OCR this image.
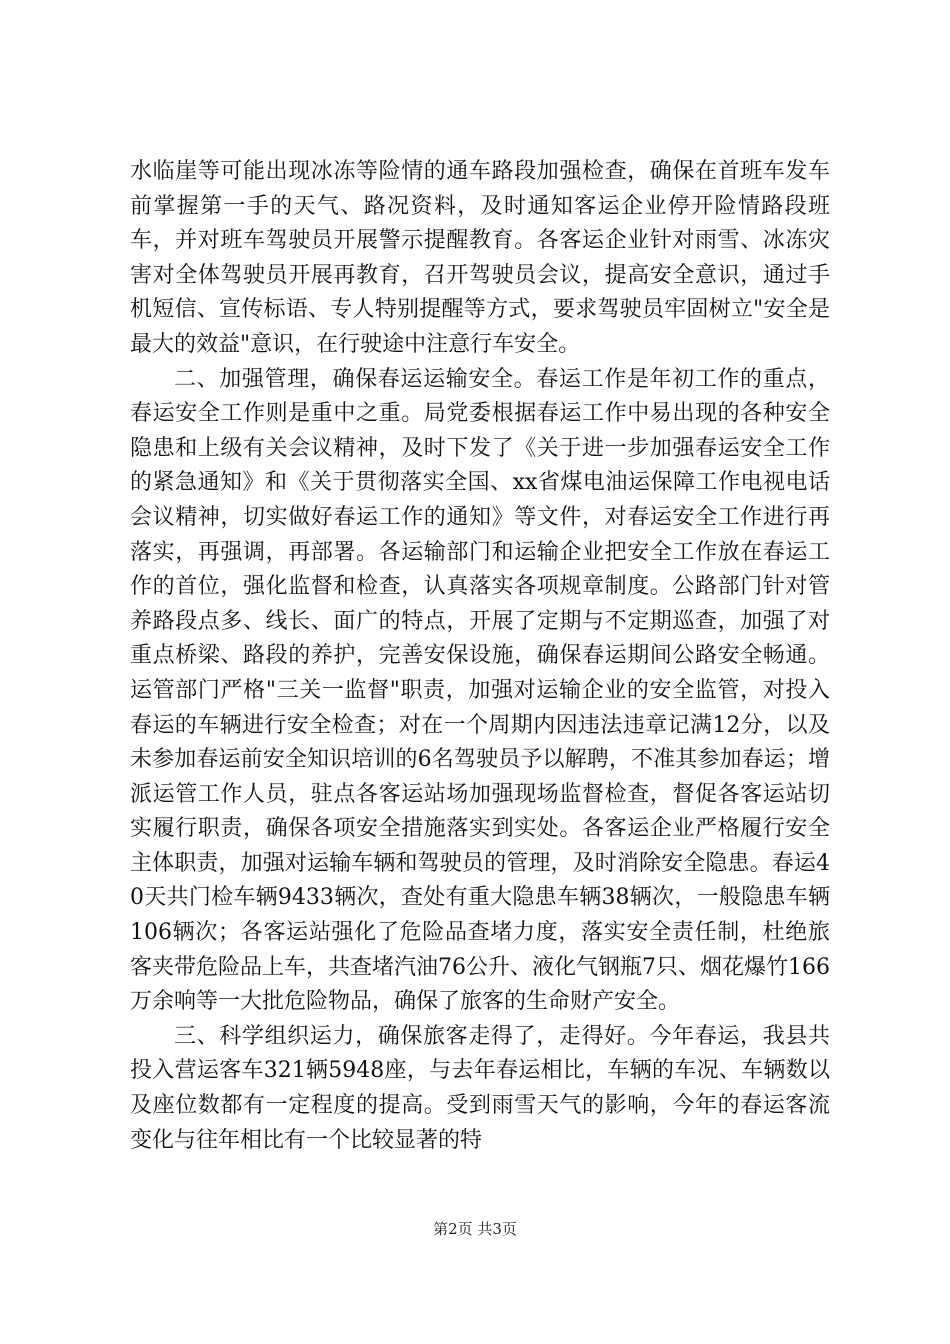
水临崖等可能出现冰冻等险情的通车路段加强检查，确保在首班车发车前掌握第一手的天气、路况资料，及时通知客运企业停开险情路段班车，并对班车驾驶员开展警示提醒教育。各客运企业针对雨雪、冰冻灾害对全体驾驶员开展再教育，召开驾驶员会议，提高安全意识，通过手机短信、宣传标语、专人特别提醒等方式，要求驾驶员牢固树立"安全是最大的效益"意识，在行驶途中注意行车安全。

二、加强管理，确保春运运输安全。春运工作是年初工作的重点，春运安全工作则是重中之重。局党委根据春运工作中易出现的各种安全隐患和上级有关会议精神，及时下发了《关于进一步加强春运安全工作的紧急通知》和《关于贯彻落实全国、xx省煤电油运保障工作电视电话会议精神，切实做好春运工作的通知》等文件，对春运安全工作进行再落实，再强调，再部署。各运输部门和运输企业把安全工作放在春运工作的首位，强化监督和检查，认真落实各项规章制度。公路部门针对管养路段点多、线长、面广的特点，开展了定期与不定期巡查，加强了对重点桥梁、路段的养护，完善安保设施，确保春运期间公路安全畅通。运管部门严格"三关一监督"职责，加强对运输企业的安全监管，对投入春运的车辆进行安全检查；对在一个周期内因违法违章记满12分，以及未参加春运前安全知识培训的6名驾驶员予以解聘，不准其参加春运；增派运管工作人员，驻点各客运站场加强现场监督检查，督促各客运站切实履行职责，确保各项安全措施落实到实处。各客运企业严格履行安全主体职责，加强对运输车辆和驾驶员的管理，及时消除安全隐患。春运40天共门检车辆9433辆次，查处有重大隐患车辆38辆次，一般隐患车辆106辆次；各客运站强化了危险品查堵力度，落实安全责任制，杜绝旅客夹带危险品上车，共查堵汽油76公升、液化气钢瓶7只、烟花爆竹166万余响等一大批危险物品，确保了旅客的生命财产安全。

三、科学组织运力，确保旅客走得了，走得好。今年春运，我县共投入营运客车321辆5948座，与去年春运相比，车辆的车况、车辆数以及座位数都有一定程度的提高。受到雨雪天气的影响，今年的春运客流变化与往年相比有一个比较显著的特

第2页 共3页
